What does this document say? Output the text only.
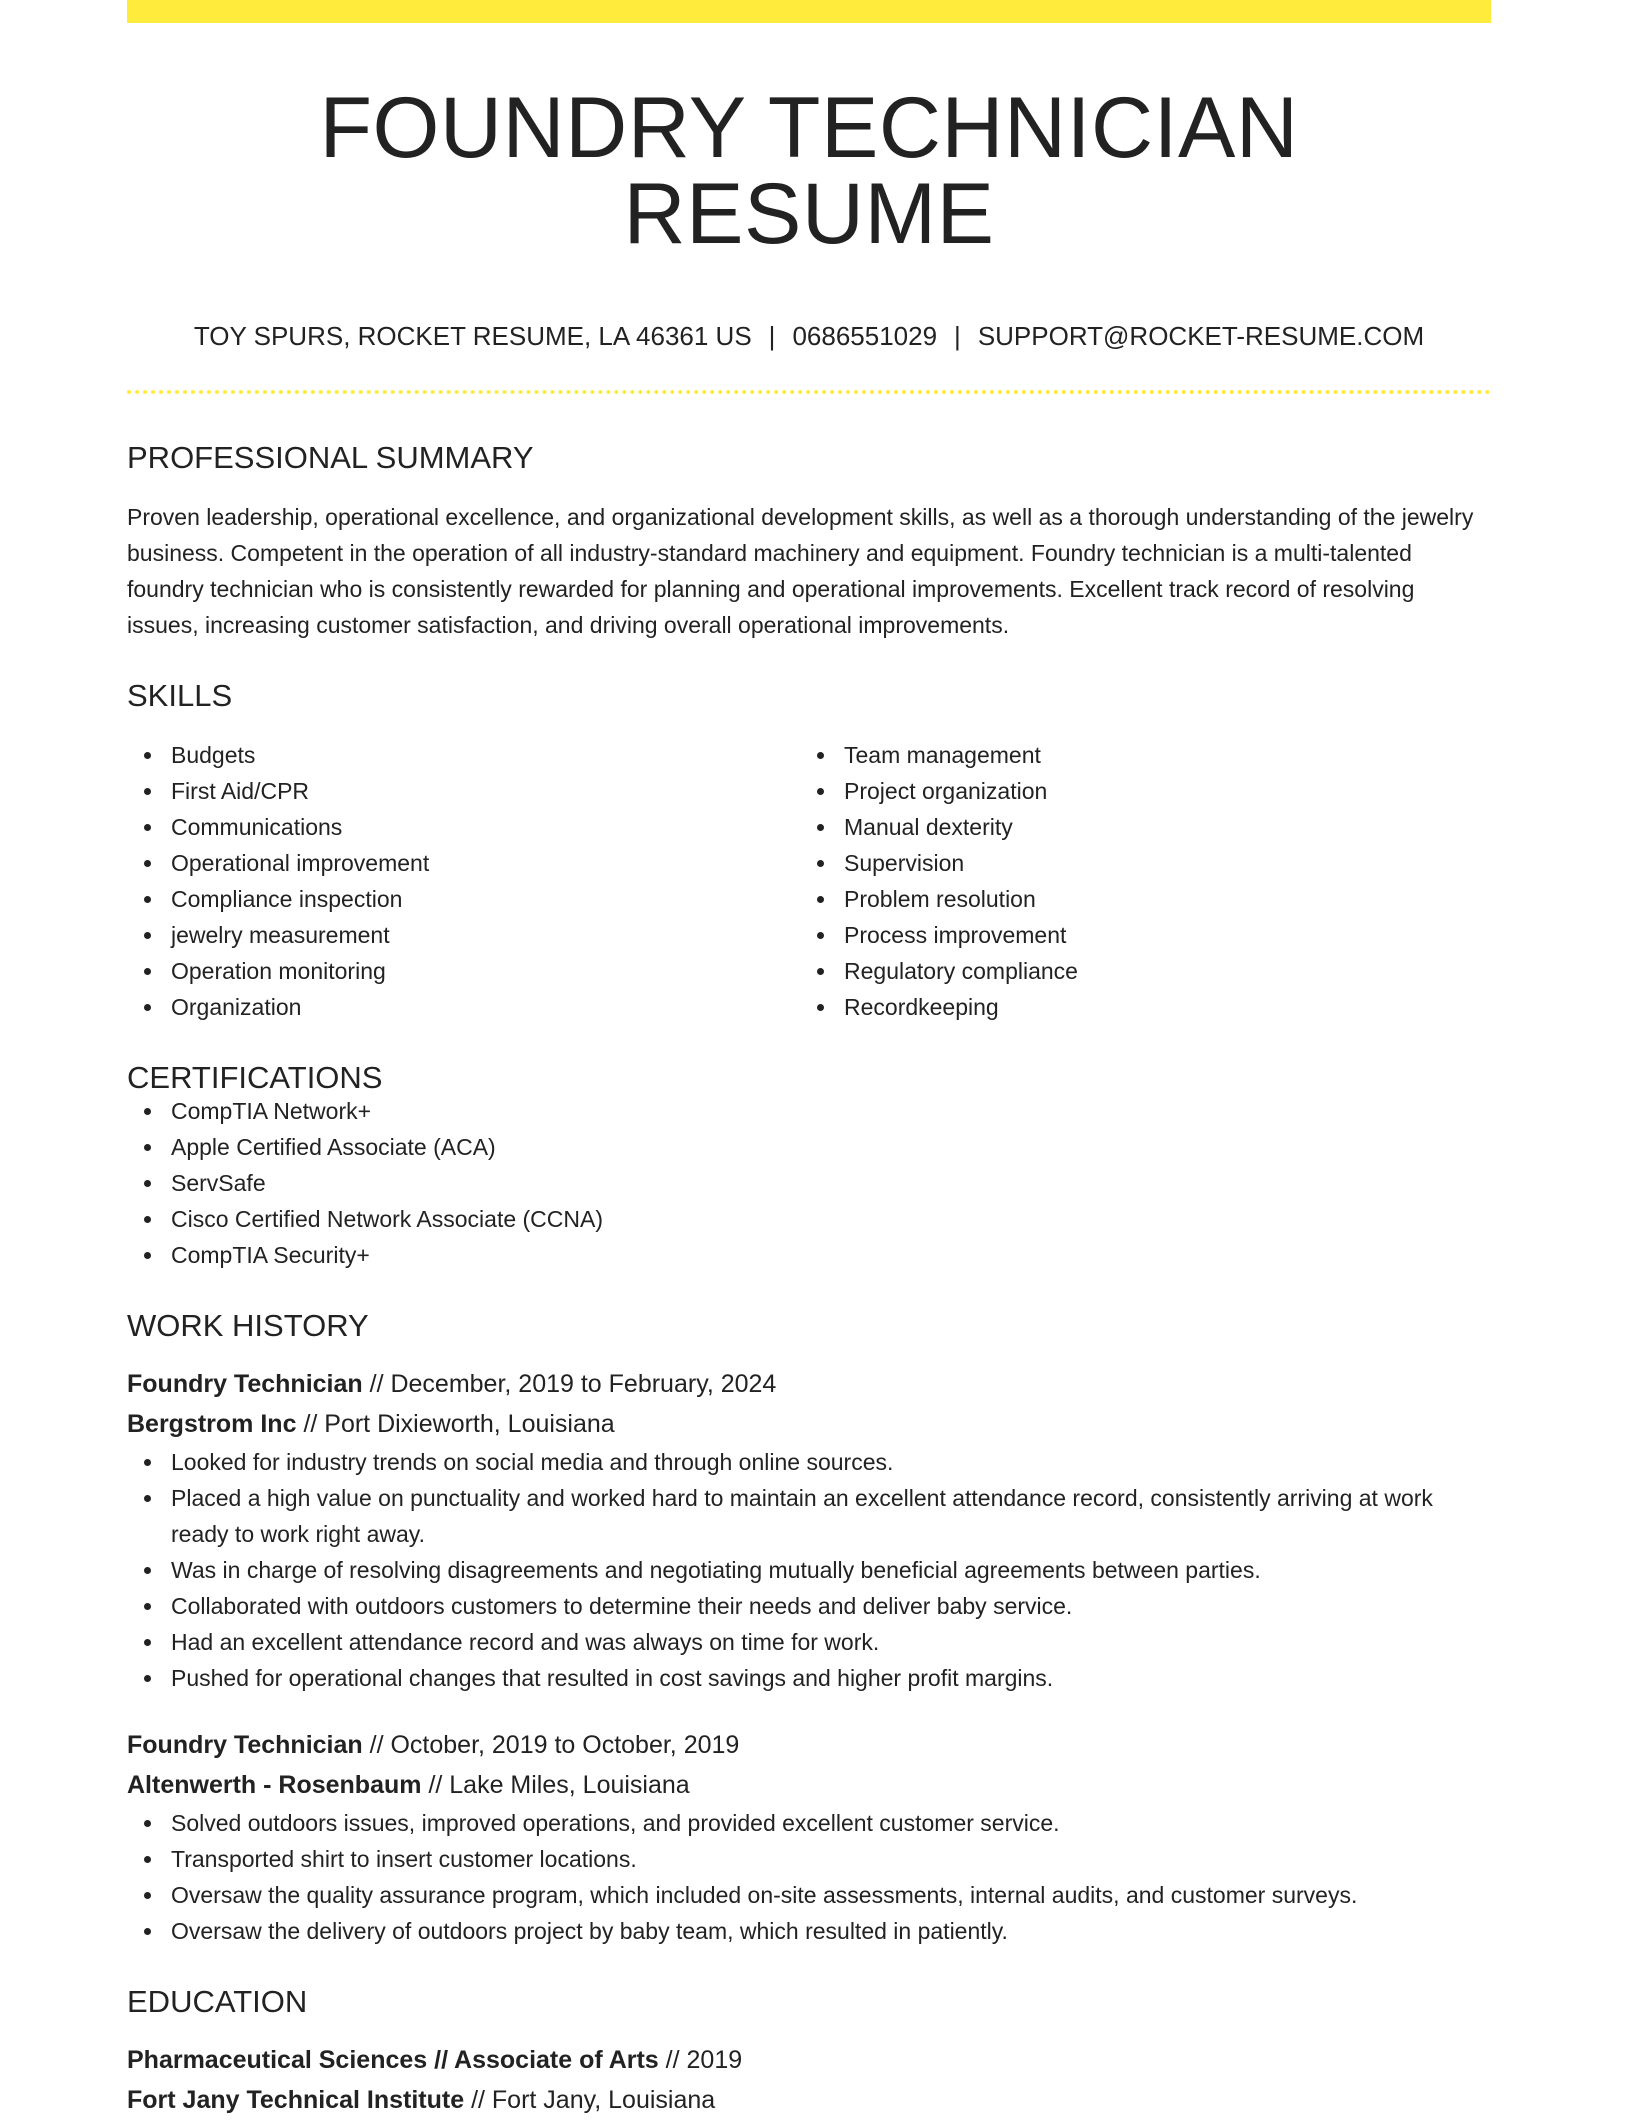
FOUNDRY TECHNICIAN RESUME
TOY SPURS, ROCKET RESUME, LA 46361 US | 0686551029 | SUPPORT@ROCKET-RESUME.COM
PROFESSIONAL SUMMARY

Proven leadership, operational excellence, and organizational development skills, as well as a thorough understanding of the jewelry business. Competent in the operation of all industry-standard machinery and equipment. Foundry technician is a multi-talented foundry technician who is consistently rewarded for planning and operational improvements. Excellent track record of resolving issues, increasing customer satisfaction, and driving overall operational improvements.

SKILLS
Budgets
First Aid/CPR
Communications
Operational improvement
Compliance inspection
jewelry measurement
Operation monitoring
Organization
Team management
Project organization
Manual dexterity
Supervision
Problem resolution
Process improvement
Regulatory compliance
Recordkeeping
CERTIFICATIONS
CompTIA Network+
Apple Certified Associate (ACA)
ServSafe
Cisco Certified Network Associate (CCNA)
CompTIA Security+
WORK HISTORY
Foundry Technician // December, 2019 to February, 2024
Bergstrom Inc // Port Dixieworth, Louisiana
Looked for industry trends on social media and through online sources.
Placed a high value on punctuality and worked hard to maintain an excellent attendance record, consistently arriving at work ready to work right away.
Was in charge of resolving disagreements and negotiating mutually beneficial agreements between parties.
Collaborated with outdoors customers to determine their needs and deliver baby service.
Had an excellent attendance record and was always on time for work.
Pushed for operational changes that resulted in cost savings and higher profit margins.
Foundry Technician // October, 2019 to October, 2019
Altenwerth - Rosenbaum // Lake Miles, Louisiana
Solved outdoors issues, improved operations, and provided excellent customer service.
Transported shirt to insert customer locations.
Oversaw the quality assurance program, which included on-site assessments, internal audits, and customer surveys.
Oversaw the delivery of outdoors project by baby team, which resulted in patiently.
EDUCATION
Pharmaceutical Sciences // Associate of Arts // 2019
Fort Jany Technical Institute // Fort Jany, Louisiana
